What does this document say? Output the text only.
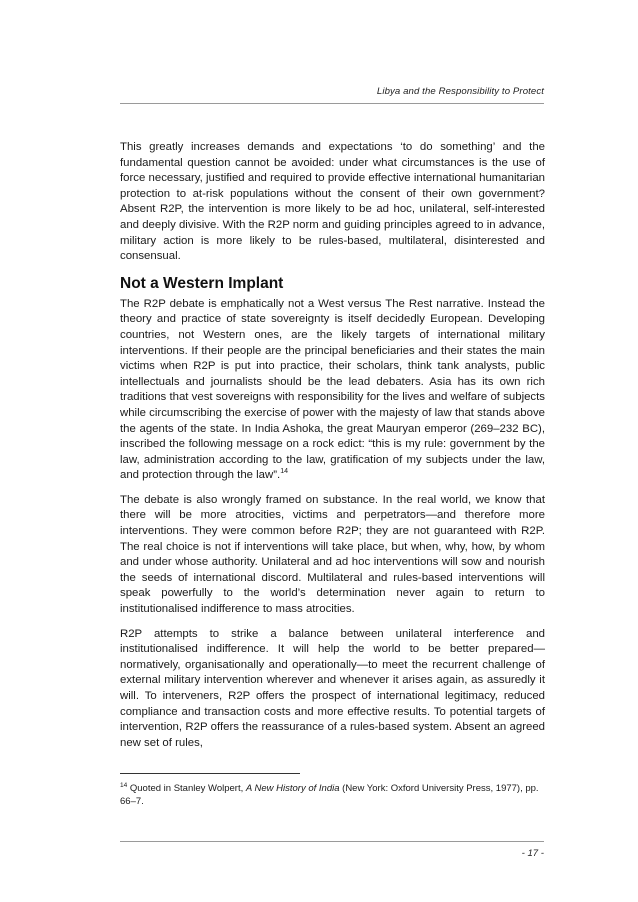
Libya and the Responsibility to Protect

This greatly increases demands and expectations ‘to do something’ and the fundamental question cannot be avoided: under what circumstances is the use of force necessary, justified and required to provide effective international humanitarian protection to at-risk populations without the consent of their own government? Absent R2P, the intervention is more likely to be ad hoc, unilateral, self-interested and deeply divisive. With the R2P norm and guiding principles agreed to in advance, military action is more likely to be rules-based, multilateral, disinterested and consensual.

Not a Western Implant

The R2P debate is emphatically not a West versus The Rest narrative. Instead the theory and practice of state sovereignty is itself decidedly European. Developing countries, not Western ones, are the likely targets of international military interventions. If their people are the principal beneficiaries and their states the main victims when R2P is put into practice, their scholars, think tank analysts, public intellectuals and journalists should be the lead debaters. Asia has its own rich traditions that vest sovereigns with responsibility for the lives and welfare of subjects while circumscribing the exercise of power with the majesty of law that stands above the agents of the state. In India Ashoka, the great Mauryan emperor (269–232 BC), inscribed the following message on a rock edict: “this is my rule: government by the law, administration according to the law, gratification of my subjects under the law, and protection through the law”.$^{14}$

The debate is also wrongly framed on substance. In the real world, we know that there will be more atrocities, victims and perpetrators—and therefore more interventions. They were common before R2P; they are not guaranteed with R2P. The real choice is not if interventions will take place, but when, why, how, by whom and under whose authority. Unilateral and ad hoc interventions will sow and nourish the seeds of international discord. Multilateral and rules-based interventions will speak powerfully to the world’s determination never again to return to institutionalised indifference to mass atrocities.

R2P attempts to strike a balance between unilateral interference and institutionalised indifference. It will help the world to be better prepared—normatively, organisationally and operationally—to meet the recurrent challenge of external military intervention wherever and whenever it arises again, as assuredly it will. To interveners, R2P offers the prospect of international legitimacy, reduced compliance and transaction costs and more effective results. To potential targets of intervention, R2P offers the reassurance of a rules-based system. Absent an agreed new set of rules,

$^{14}$ Quoted in Stanley Wolpert, A New History of India (New York: Oxford University Press, 1977), pp. 66–7.
- 17 -
